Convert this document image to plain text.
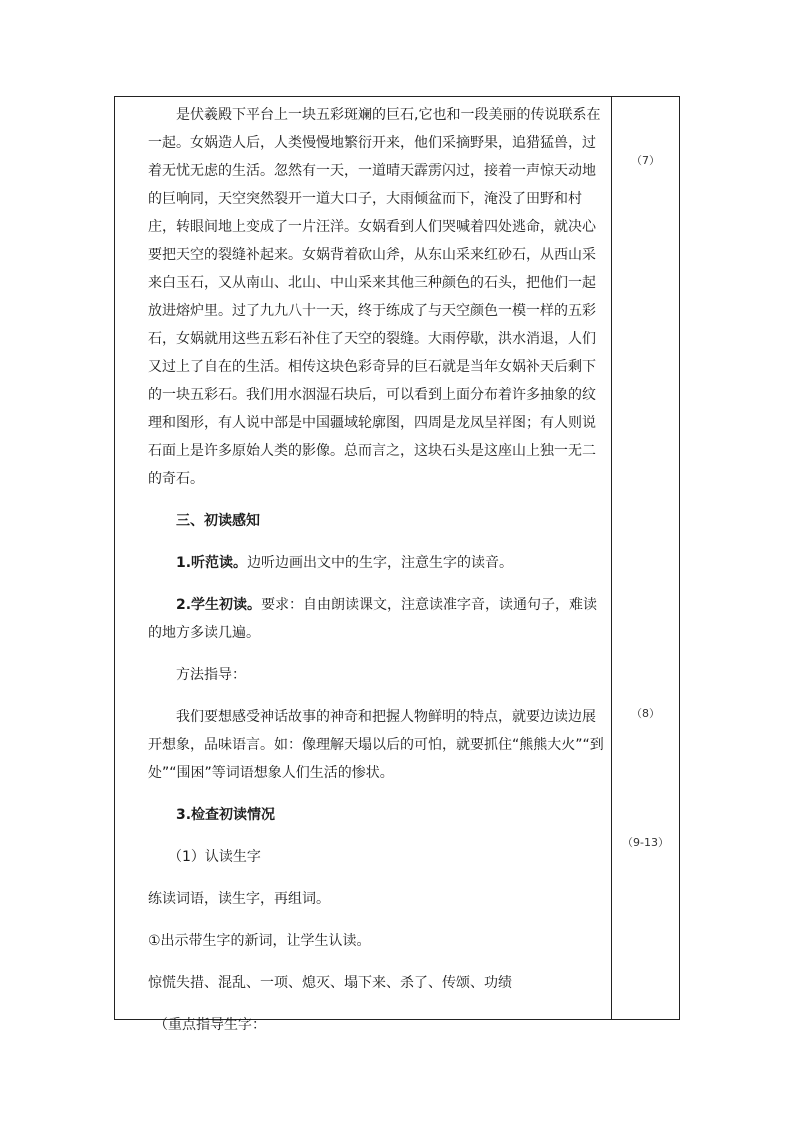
是伏羲殿下平台上一块五彩斑斓的巨石,它也和一段美丽的传说联系在一起。女娲造人后，人类慢慢地繁衍开来，他们采摘野果，追猎猛兽，过着无忧无虑的生活。忽然有一天，一道晴天霹雳闪过，接着一声惊天动地的巨响同，天空突然裂开一道大口子，大雨倾盆而下，淹没了田野和村庄，转眼间地上变成了一片汪洋。女娲看到人们哭喊着四处逃命，就决心要把天空的裂缝补起来。女娲背着砍山斧，从东山采来红砂石，从西山采来白玉石，又从南山、北山、中山采来其他三种颜色的石头，把他们一起放进熔炉里。过了九九八十一天，终于练成了与天空颜色一模一样的五彩石，女娲就用这些五彩石补住了天空的裂缝。大雨停歇，洪水消退，人们又过上了自在的生活。相传这块色彩奇异的巨石就是当年女娲补天后剩下的一块五彩石。我们用水洇湿石块后，可以看到上面分布着许多抽象的纹理和图形，有人说中部是中国疆域轮廓图，四周是龙凤呈祥图；有人则说石面上是许多原始人类的影像。总而言之，这块石头是这座山上独一无二的奇石。

三、初读感知

1.听范读。边听边画出文中的生字，注意生字的读音。

2.学生初读。要求：自由朗读课文，注意读准字音，读通句子，难读的地方多读几遍。

方法指导：

我们要想感受神话故事的神奇和把握人物鲜明的特点，就要边读边展开想象，品味语言。如：像理解天塌以后的可怕，就要抓住“熊熊大火”“到处”“围困”等词语想象人们生活的惨状。

3.检查初读情况

（1）认读生字

练读词语，读生字，再组词。

①出示带生字的新词，让学生认读。

惊慌失措、混乱、一项、熄灭、塌下来、杀了、传颂、功绩

（重点指导生字：

（7）
（8）
（9-13）
